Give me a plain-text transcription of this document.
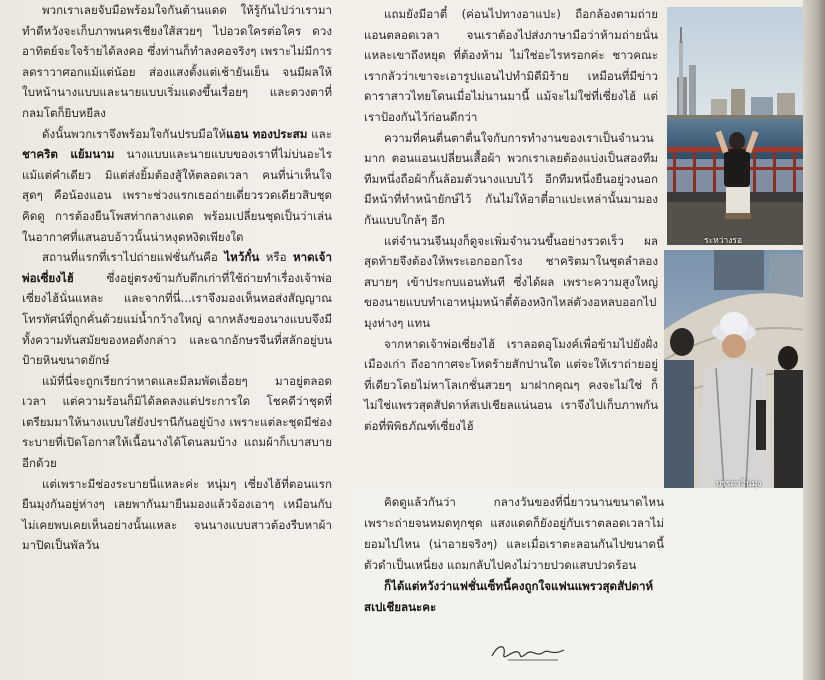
พวกเราเลยจับมือพร้อมใจกันต้านแดด ให้รู้กันไปว่าเรามาทำดีหวังจะเก็บภาพนครเชียงใส้สวยๆ ไปอวดใครต่อใคร ดวงอาทิตย์จะใจร้ายได้ลงคอ ซึ่งท่านก็ทำลงคอจริงๆ เพราะไม่มีการลดราวาศอกแม้แต่น้อย ส่องแสงตั้งแต่เช้ายันเย็น จนมีผลให้ใบหน้านางแบบและนายแบบเริ่มแดงขึ้นเรื่อยๆ และดวงตาที่กลมโตก็ยิบหยีลง

ดังนั้นพวกเราจึงพร้อมใจกันปรบมือให้แอน ทองประสม และชาคริต แย้มนาม นางแบบและนายแบบของเราที่ไม่บ่นอะไรแม้แต่คำเดียว มิแต่ส่งยิ้มต้องสู้ให้ตลอดเวลา คนที่น่าเห็นใจสุดๆ คือน้องแอน เพราะช่วงแรกเธอถ่ายเดี่ยวรวดเดียวสิบชุด คิดดู การต้องยืนโพสท่ากลางแดด พร้อมเปลี่ยนชุดเป็นว่าเล่นในอากาศที่แสนอบอ้าวนั้นน่าหงุดหงิดเพียงใด

สถานที่แรกที่เราไปถ่ายแฟชั่นกันคือ ไหว้กั๋น หรือ หาดเจ้าพ่อเซี่ยงไฮ้ ซึ่งอยู่ตรงข้ามกับตึกเก่าที่ใช้ถ่ายทำเรื่องเจ้าพ่อเซี่ยงไฮ้นั่นแหละ และจากที่นี่...เราจึงมองเห็นหอส่งสัญญาณโทรทัศน์ที่ถูกคั่นด้วยแม่น้ำกว้างใหญ่ ฉากหลังของนางแบบจึงมีทั้งความทันสมัยของหอดังกล่าว และฉากอักษรจีนที่สลักอยู่บนป้ายหินขนาดยักษ์

แม้ที่นี่จะถูกเรียกว่าหาดและมีลมพัดเอื่อยๆ มาอยู่ตลอดเวลา แต่ความร้อนก็มิได้ลดลงแต่ประการใด โชคดีว่าชุดที่เตรียมมาให้นางแบบใส่ยังปรานีกันอยู่บ้าง เพราะแต่ละชุดมีช่องระบายที่เปิดโอกาสให้เนื้อนางได้โดนลมบ้าง แถมผ้าก็เบาสบายอีกด้วย

แต่เพราะมีช่องระบายนี่แหละค่ะ หนุ่มๆ เซี่ยงไฮ้ที่ตอนแรกยืนมุงกันอยู่ห่างๆ เลยพากันมายืนมองแล้วจ้องเอาๆ เหมือนกับไม่เคยพบเคยเห็นอย่างนั้นแหละ จนนางแบบสาวต้องรีบหาผ้ามาปิดเป็นพัลวัน

แถมยังมีอาตี๋ (ค่อนไปทางอาแปะ) ถือกล้องตามถ่ายแอนตลอดเวลา จนเราต้องไปส่งภาษามือว่าห้ามถ่ายนั่นแหละเขาถึงหยุด ที่ต้องห้าม ไม่ใช่อะไรหรอกค่ะ ชาวคณะเรากลัวว่าเขาจะเอารูปแอนไปทำมิดีมิร้าย เหมือนที่มีข่าวดาราสาวไทยโดนเมื่อไม่นานมานี้ แม้จะไม่ใช่ที่เซี่ยงไฮ้ แต่เราป้องกันไว้ก่อนดีกว่า

ความที่คนตื่นตาตื่นใจกับการทำงานของเราเป็นจำนวนมาก ตอนแอนเปลี่ยนเสื้อผ้า พวกเราเลยต้องแบ่งเป็นสองทีม ทีมหนึ่งถือผ้ากั้นล้อมตัวนางแบบไว้ อีกทีมหนึ่งยืนอยู่วงนอก มีหน้าที่ทำหน้ายักษ์ไว้ กันไม่ให้อาตี๋อาแปะเหล่านั้นมามองกันแบบใกล้ๆ อีก

แต่จำนวนจีนมุงก็ดูจะเพิ่มจำนวนขึ้นอย่างรวดเร็ว ผลสุดท้ายจึงต้องให้พระเอกออกโรง ชาคริตมาในชุดลำลองสบายๆ เข้าประกบแอนทันที ซึ่งได้ผล เพราะความสูงใหญ่ของนายแบบทำเอาหนุ่มหน้าตี๋ต้องหงิกไหล่ตัวงอหลบออกไป มุงห่างๆ แทน

จากหาดเจ้าพ่อเซี่ยงไฮ้ เราลอดอุโมงค์เพื่อข้ามไปยังฝั่งเมืองเก่า ถึงอากาศจะโหดร้ายสักปานใด แต่จะให้เราถ่ายอยู่ที่เดียวโดยไม่หาโลเกชั่นสวยๆ มาฝากคุณๆ คงจะไม่ใช่ ก็ไม่ใช่แพรวสุดสัปดาห์สเปเชียลแน่นอน เราจึงไปเก็บภาพกันต่อที่พิพิธภัณฑ์เซี่ยงไฮ้

คิดดูแล้วกันว่า กลางวันของที่นี่ยาวนานขนาดไหน เพราะถ่ายจนหมดทุกชุด แสงแดดก็ยังอยู่กับเราตลอดเวลาไม่ยอมไปไหน (น่าอายจริงๆ) และเมื่อเราตะลอนกันไปขนาดนี้ ตัวดำเป็นเหนี่ยง แถมกลับไปคงไม่วายปวดแสบปวดร้อน

ก็ได้แต่หวังว่าแฟชั่นเซ็ทนี้คงถูกใจแฟนแพรวสุดสัปดาห์สเปเชียลนะคะ

ระหว่างรอ
บรรดาจีนมุง
